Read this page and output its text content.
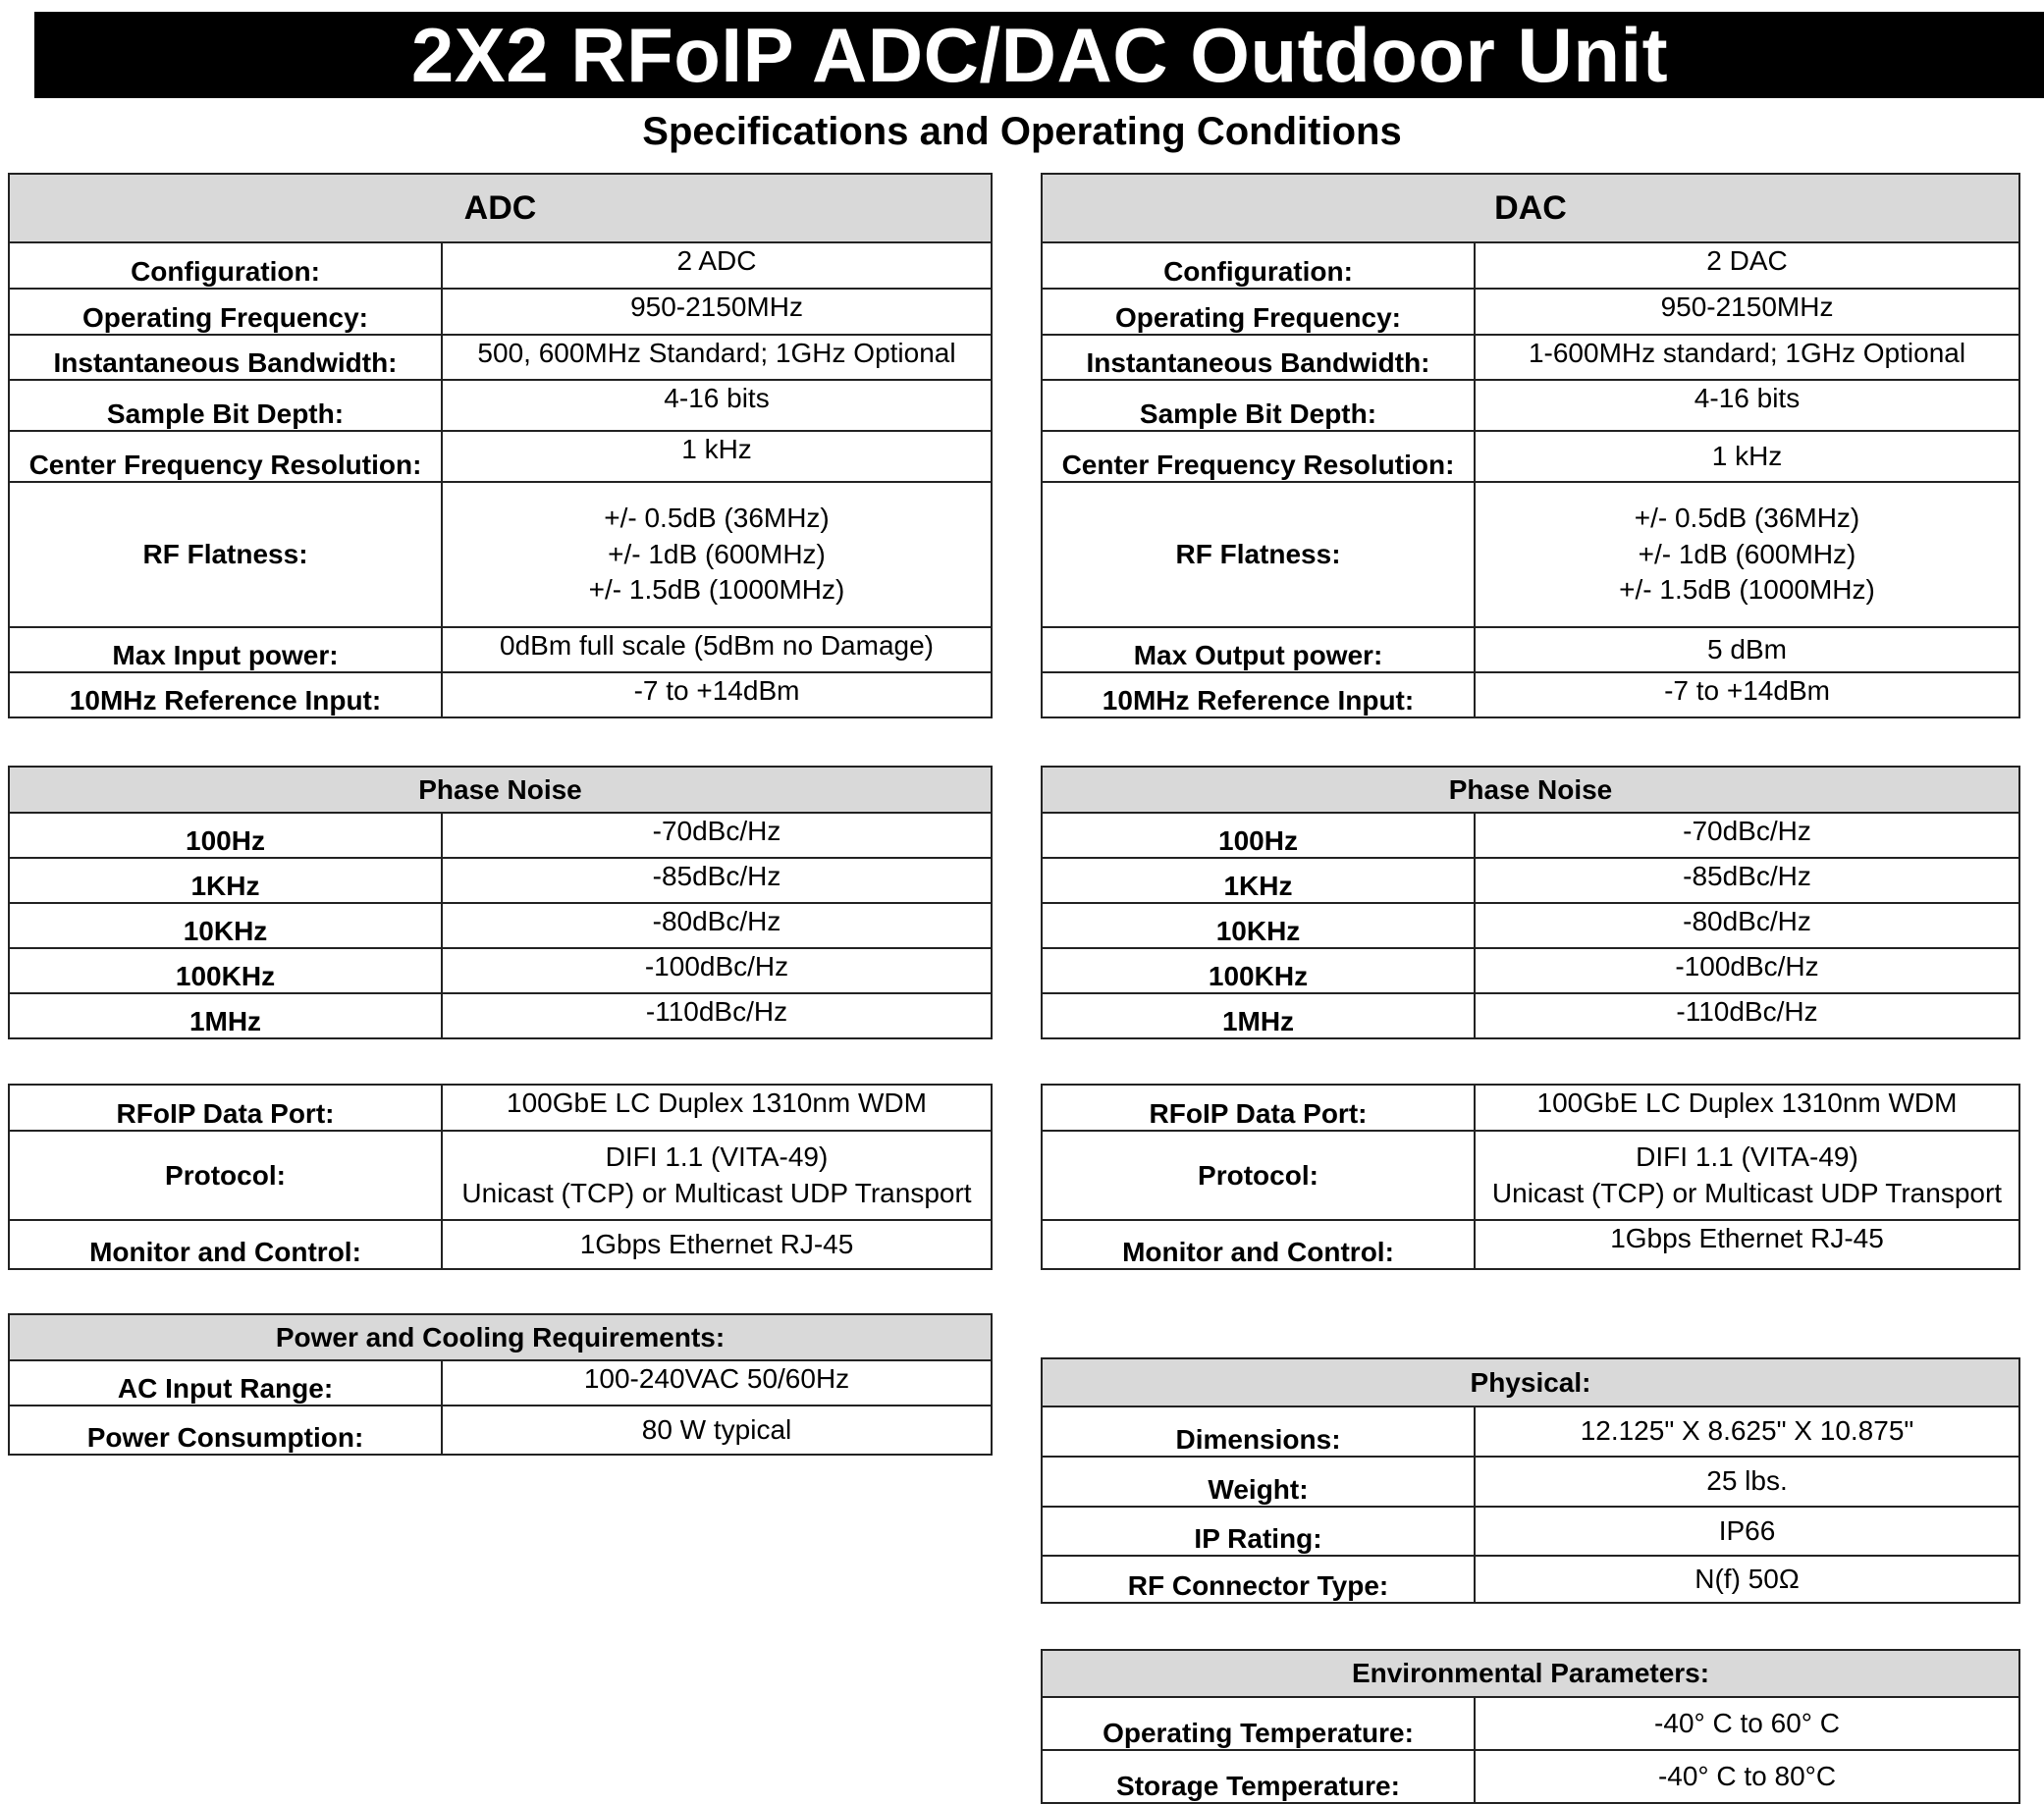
2X2 RFoIP ADC/DAC Outdoor Unit
Specifications and Operating Conditions
ADC	
Configuration:	2 ADC
Operating Frequency:	950-2150MHz
Instantaneous Bandwidth:	500, 600MHz Standard; 1GHz Optional
Sample Bit Depth:	4-16 bits
Center Frequency Resolution:	1 kHz
RF Flatness:	+/- 0.5dB (36MHz)
+/- 1dB (600MHz)
+/- 1.5dB (1000MHz)

Max Input power:	0dBm full scale (5dBm no Damage)
10MHz Reference Input:	-7 to +14dBm
DAC	
Configuration:	2 DAC
Operating Frequency:	950-2150MHz
Instantaneous Bandwidth:	1-600MHz standard; 1GHz Optional
Sample Bit Depth:	4-16 bits
Center Frequency Resolution:	1 kHz
RF Flatness:	+/- 0.5dB (36MHz)
+/- 1dB (600MHz)
+/- 1.5dB (1000MHz)

Max Output power:	5 dBm
10MHz Reference Input:	-7 to +14dBm
Phase Noise	
100Hz	-70dBc/Hz
1KHz	-85dBc/Hz
10KHz	-80dBc/Hz
100KHz	-100dBc/Hz
1MHz	-110dBc/Hz
Phase Noise	
100Hz	-70dBc/Hz
1KHz	-85dBc/Hz
10KHz	-80dBc/Hz
100KHz	-100dBc/Hz
1MHz	-110dBc/Hz
RFoIP Data Port:	100GbE LC Duplex 1310nm WDM
Protocol:	DIFI 1.1 (VITA-49)
Unicast (TCP) or Multicast UDP Transport

Monitor and Control:	1Gbps Ethernet RJ-45
RFoIP Data Port:	100GbE LC Duplex 1310nm WDM
Protocol:	DIFI 1.1 (VITA-49)
Unicast (TCP) or Multicast UDP Transport

Monitor and Control:	1Gbps Ethernet RJ-45
Power and Cooling Requirements:	
AC Input Range:	100-240VAC 50/60Hz
Power Consumption:	80 W typical
Physical:	
Dimensions:	12.125" X 8.625" X 10.875"
Weight:	25 lbs.
IP Rating:	IP66
RF Connector Type:	N(f) 50Ω
Environmental Parameters:	
Operating Temperature:	-40° C to 60° C
Storage Temperature:	-40° C to 80°C
